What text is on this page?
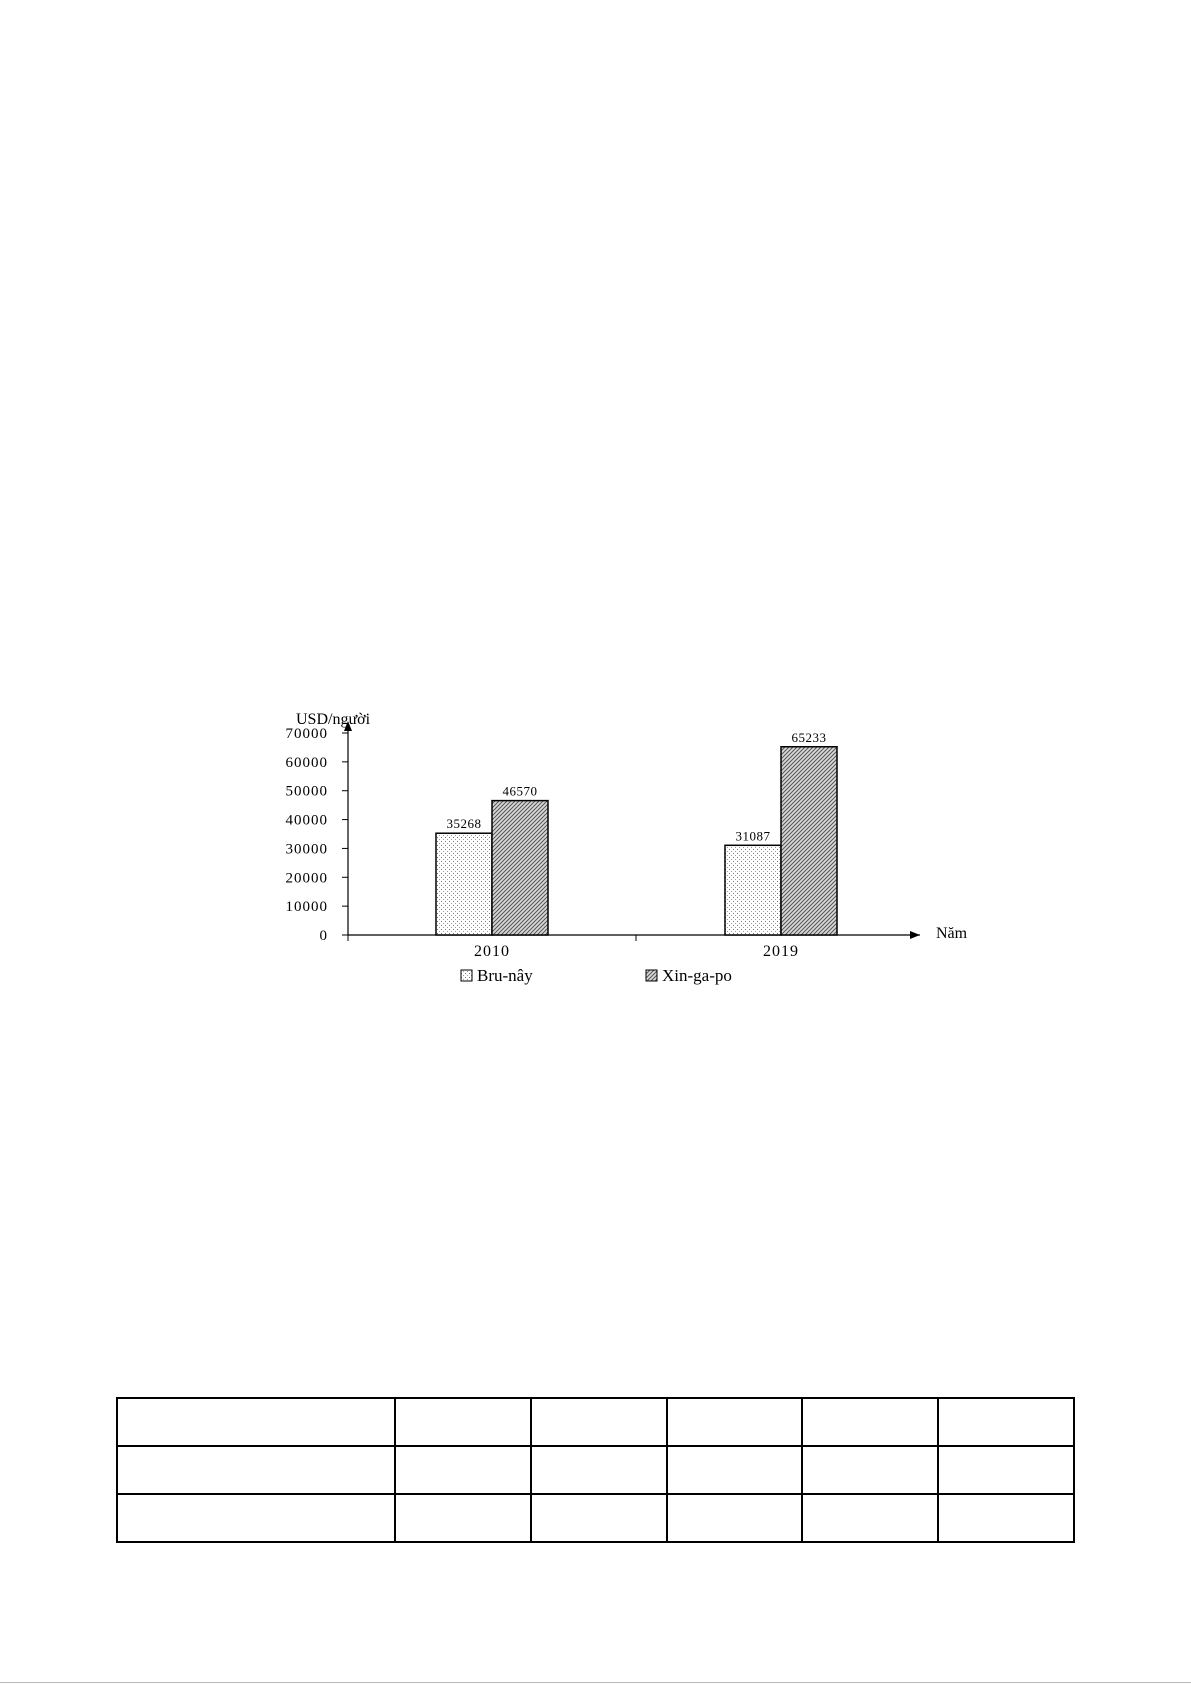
0
10000
20000
30000
40000
50000
60000
70000
2010
35268
46570
2019
31087
65233
Bru-nây	Xin-ga-po
USD/người
Năm
